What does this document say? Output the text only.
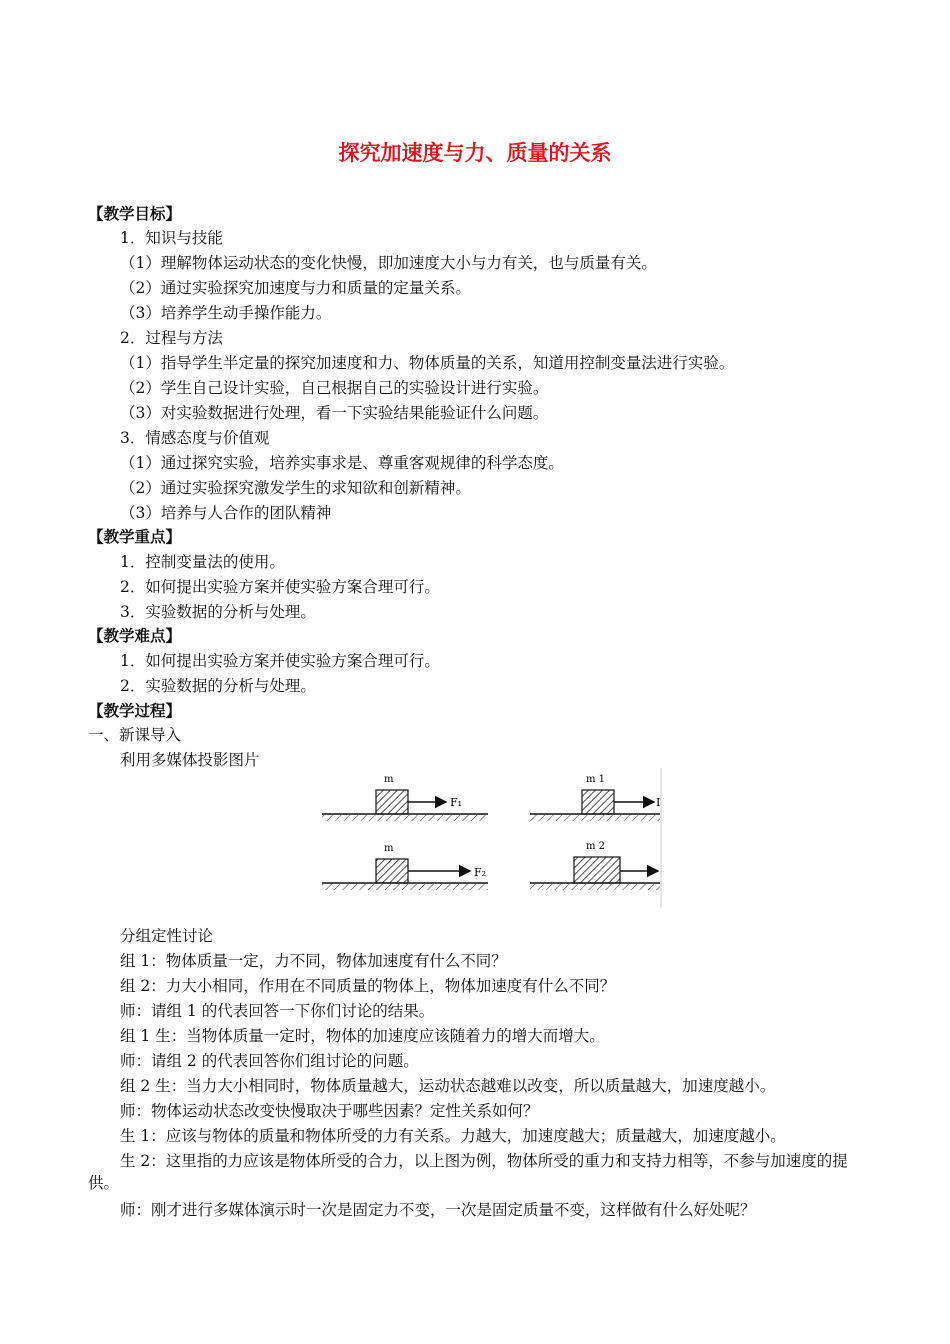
探究加速度与力、质量的关系
【教学目标】
1．知识与技能
（1）理解物体运动状态的变化快慢，即加速度大小与力有关，也与质量有关。
（2）通过实验探究加速度与力和质量的定量关系。
（3）培养学生动手操作能力。
2．过程与方法
（1）指导学生半定量的探究加速度和力、物体质量的关系，知道用控制变量法进行实验。
（2）学生自己设计实验，自己根据自己的实验设计进行实验。
（3）对实验数据进行处理，看一下实验结果能验证什么问题。
3．情感态度与价值观
（1）通过探究实验，培养实事求是、尊重客观规律的科学态度。
（2）通过实验探究激发学生的求知欲和创新精神。
（3）培养与人合作的团队精神
【教学重点】
1．控制变量法的使用。
2．如何提出实验方案并使实验方案合理可行。
3．实验数据的分析与处理。
【教学难点】
1．如何提出实验方案并使实验方案合理可行。
2．实验数据的分析与处理。
【教学过程】
一、新课导入
利用多媒体投影图片
m
F₁
m 1
I
m
F₂
m 2
分组定性讨论
组 1：物体质量一定，力不同，物体加速度有什么不同？
组 2：力大小相同，作用在不同质量的物体上，物体加速度有什么不同？
师：请组 1 的代表回答一下你们讨论的结果。
组 1 生：当物体质量一定时，物体的加速度应该随着力的增大而增大。
师：请组 2 的代表回答你们组讨论的问题。
组 2 生：当力大小相同时，物体质量越大，运动状态越难以改变，所以质量越大，加速度越小。
师：物体运动状态改变快慢取决于哪些因素？定性关系如何？
生 1：应该与物体的质量和物体所受的力有关系。力越大，加速度越大；质量越大，加速度越小。
生 2：这里指的力应该是物体所受的合力，以上图为例，物体所受的重力和支持力相等，不参与加速度的提供。
师：刚才进行多媒体演示时一次是固定力不变，一次是固定质量不变，这样做有什么好处呢？
